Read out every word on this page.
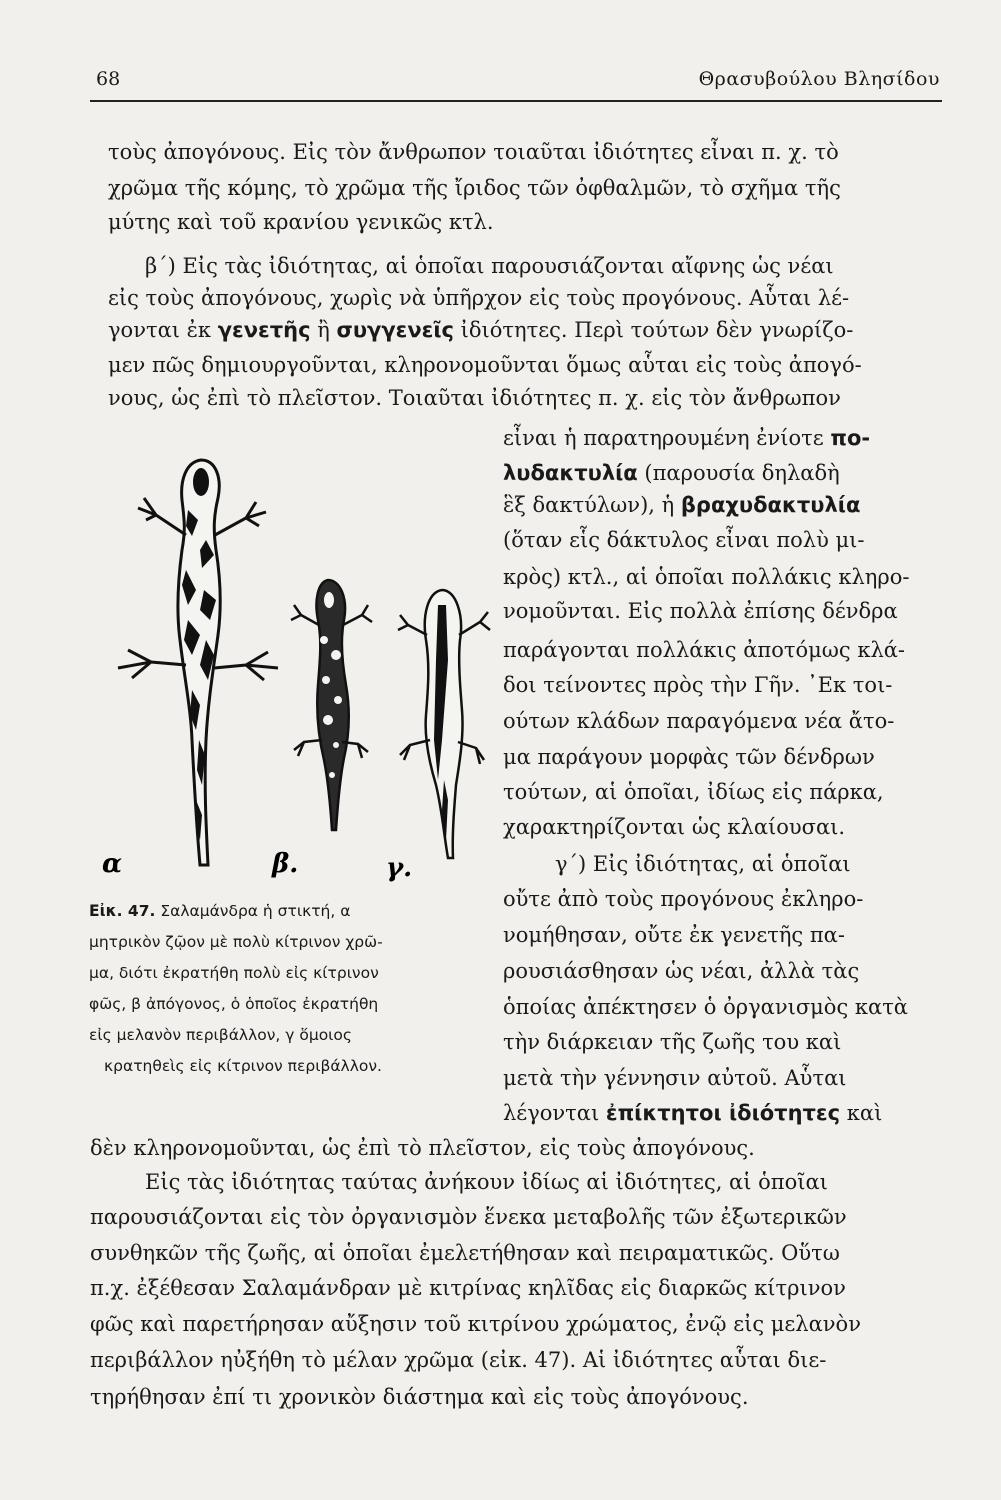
68	Θρασυβούλου Βλησίδου
τοὺς ἀπογόνους. Εἰς τὸν ἄνθρωπον τοιαῦται ἰδιότητες εἶναι π. χ. τὸ
χρῶμα τῆς κόμης, τὸ χρῶμα τῆς ἴριδος τῶν ὀφθαλμῶν, τὸ σχῆμα τῆς
μύτης καὶ τοῦ κρανίου γενικῶς κτλ.
β΄) Εἰς τὰς ἰδιότητας, αἱ ὁποῖαι παρουσιάζονται αἴφνης ὡς νέαι
εἰς τοὺς ἀπογόνους, χωρὶς νὰ ὑπῆρχον εἰς τοὺς προγόνους. Αὗται λέ-
γονται ἐκ γενετῆς ἢ συγγενεῖς ἰδιότητες. Περὶ τούτων δὲν γνωρίζο-
μεν πῶς δημιουργοῦνται, κληρονομοῦνται ὅμως αὗται εἰς τοὺς ἀπογό-
νους, ὡς ἐπὶ τὸ πλεῖστον. Τοιαῦται ἰδιότητες π. χ. εἰς τὸν ἄνθρωπον
εἶναι ἡ παρατηρουμένη ἐνίοτε πο-
λυδακτυλία (παρουσία δηλαδὴ
ἓξ δακτύλων), ἡ βραχυδακτυλία
(ὅταν εἷς δάκτυλος εἶναι πολὺ μι-
κρὸς) κτλ., αἱ ὁποῖαι πολλάκις κληρο-
νομοῦνται. Εἰς πολλὰ ἐπίσης δένδρα
παράγονται πολλάκις ἀποτόμως κλά-
δοι τείνοντες πρὸς τὴν Γῆν. ᾿Εκ τοι-
ούτων κλάδων παραγόμενα νέα ἄτο-
μα παράγουν μορφὰς τῶν δένδρων
τούτων, αἱ ὁποῖαι, ἰδίως εἰς πάρκα,
χαρακτηρίζονται ὡς κλαίουσαι.
γ΄) Εἰς ἰδιότητας, αἱ ὁποῖαι
οὔτε ἀπὸ τοὺς προγόνους ἐκληρο-
νομήθησαν, οὔτε ἐκ γενετῆς πα-
ρουσιάσθησαν ὡς νέαι, ἀλλὰ τὰς
ὁποίας ἀπέκτησεν ὁ ὀργανισμὸς κατὰ
τὴν διάρκειαν τῆς ζωῆς του καὶ
μετὰ τὴν γέννησιν αὐτοῦ. Αὗται
λέγονται ἐπίκτητοι ἰδιότητες καὶ
α	β.	γ.
Εἰκ. 47. Σαλαμάνδρα ἡ στικτή, α
μητρικὸν ζῷον μὲ πολὺ κίτρινον χρῶ-
μα, διότι ἐκρατήθη πολὺ εἰς κίτρινον
φῶς, β ἀπόγονος, ὁ ὁποῖος ἐκρατήθη
εἰς μελανὸν περιβάλλον, γ ὅμοιος
κρατηθεὶς εἰς κίτρινον περιβάλλον.
δὲν κληρονομοῦνται, ὡς ἐπὶ τὸ πλεῖστον, εἰς τοὺς ἀπογόνους.
Εἰς τὰς ἰδιότητας ταύτας ἀνήκουν ἰδίως αἱ ἰδιότητες, αἱ ὁποῖαι
παρουσιάζονται εἰς τὸν ὀργανισμὸν ἕνεκα μεταβολῆς τῶν ἐξωτερικῶν
συνθηκῶν τῆς ζωῆς, αἱ ὁποῖαι ἐμελετήθησαν καὶ πειραματικῶς. Οὕτω
π.χ. ἐξέθεσαν Σαλαμάνδραν μὲ κιτρίνας κηλῖδας εἰς διαρκῶς κίτρινον
φῶς καὶ παρετήρησαν αὔξησιν τοῦ κιτρίνου χρώματος, ἐνῷ εἰς μελανὸν
περιβάλλον ηὐξήθη τὸ μέλαν χρῶμα (εἰκ. 47). Αἱ ἰδιότητες αὗται διε-
τηρήθησαν ἐπί τι χρονικὸν διάστημα καὶ εἰς τοὺς ἀπογόνους.
